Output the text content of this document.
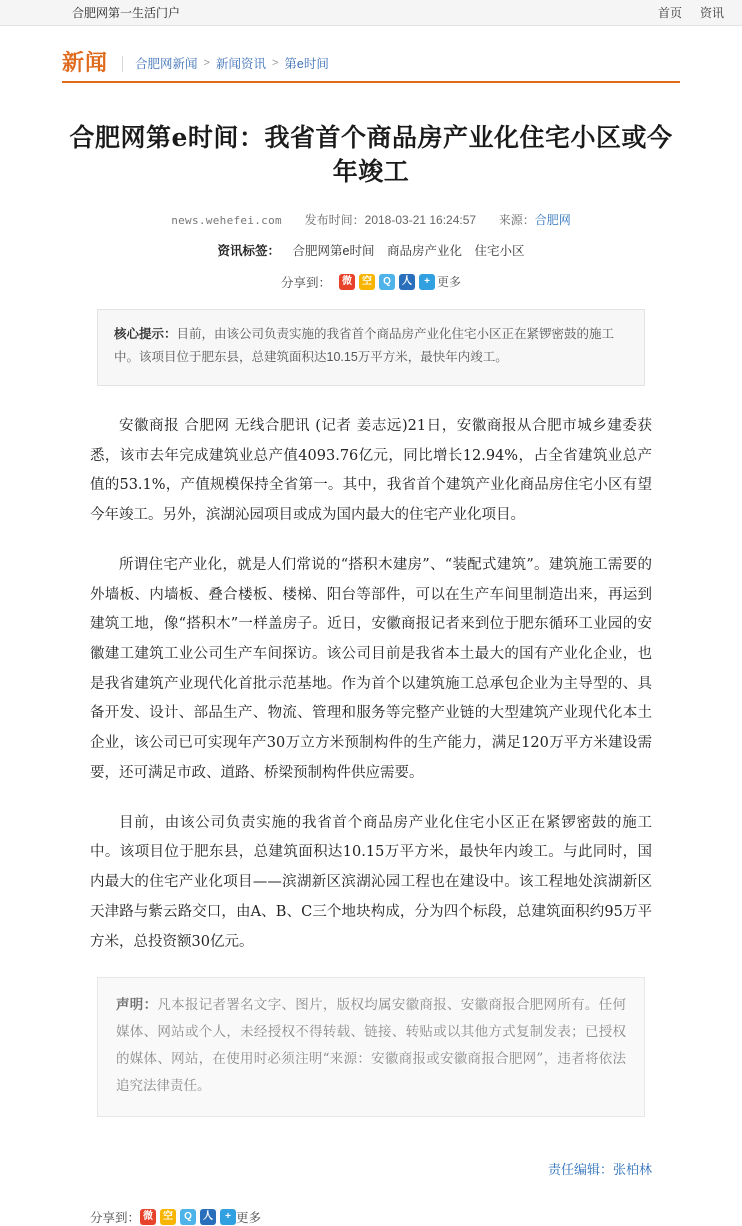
合肥网第一生活门户	首页 资讯
新闻 合肥网新闻 > 新闻资讯 > 第e时间
合肥网第e时间：我省首个商品房产业化住宅小区或今年竣工
news.wehefei.com 发布时间：2018-03-21 16:24:57 来源：合肥网
资讯标签： 合肥网第e时间 商品房产业化 住宅小区
分享到：	微	空	Q	人	+ 更多
核心提示：目前，由该公司负责实施的我省首个商品房产业化住宅小区正在紧锣密鼓的施工中。该项目位于肥东县，总建筑面积达10.15万平方米，最快年内竣工。

安徽商报 合肥网 无线合肥讯 (记者 姜志远)21日，安徽商报从合肥市城乡建委获悉，该市去年完成建筑业总产值4093.76亿元，同比增长12.94%，占全省建筑业总产值的53.1%，产值规模保持全省第一。其中，我省首个建筑产业化商品房住宅小区有望今年竣工。另外，滨湖沁园项目或成为国内最大的住宅产业化项目。

所谓住宅产业化，就是人们常说的“搭积木建房”、“装配式建筑”。建筑施工需要的外墙板、内墙板、叠合楼板、楼梯、阳台等部件，可以在生产车间里制造出来，再运到建筑工地，像“搭积木”一样盖房子。近日，安徽商报记者来到位于肥东循环工业园的安徽建工建筑工业公司生产车间探访。该公司目前是我省本土最大的国有产业化企业，也是我省建筑产业现代化首批示范基地。作为首个以建筑施工总承包企业为主导型的、具备开发、设计、部品生产、物流、管理和服务等完整产业链的大型建筑产业现代化本土企业，该公司已可实现年产30万立方米预制构件的生产能力，满足120万平方米建设需要，还可满足市政、道路、桥梁预制构件供应需要。

目前，由该公司负责实施的我省首个商品房产业化住宅小区正在紧锣密鼓的施工中。该项目位于肥东县，总建筑面积达10.15万平方米，最快年内竣工。与此同时，国内最大的住宅产业化项目——滨湖新区滨湖沁园工程也在建设中。该工程地处滨湖新区天津路与紫云路交口，由A、B、C三个地块构成，分为四个标段，总建筑面积约95万平方米，总投资额30亿元。

声明：凡本报记者署名文字、图片，版权均属安徽商报、安徽商报合肥网所有。任何媒体、网站或个人，未经授权不得转载、链接、转贴或以其他方式复制发表；已授权的媒体、网站，在使用时必须注明“来源：安徽商报或安徽商报合肥网”，违者将依法追究法律责任。
责任编辑：张柏林
分享到： 微	空	Q	人	+ 更多
